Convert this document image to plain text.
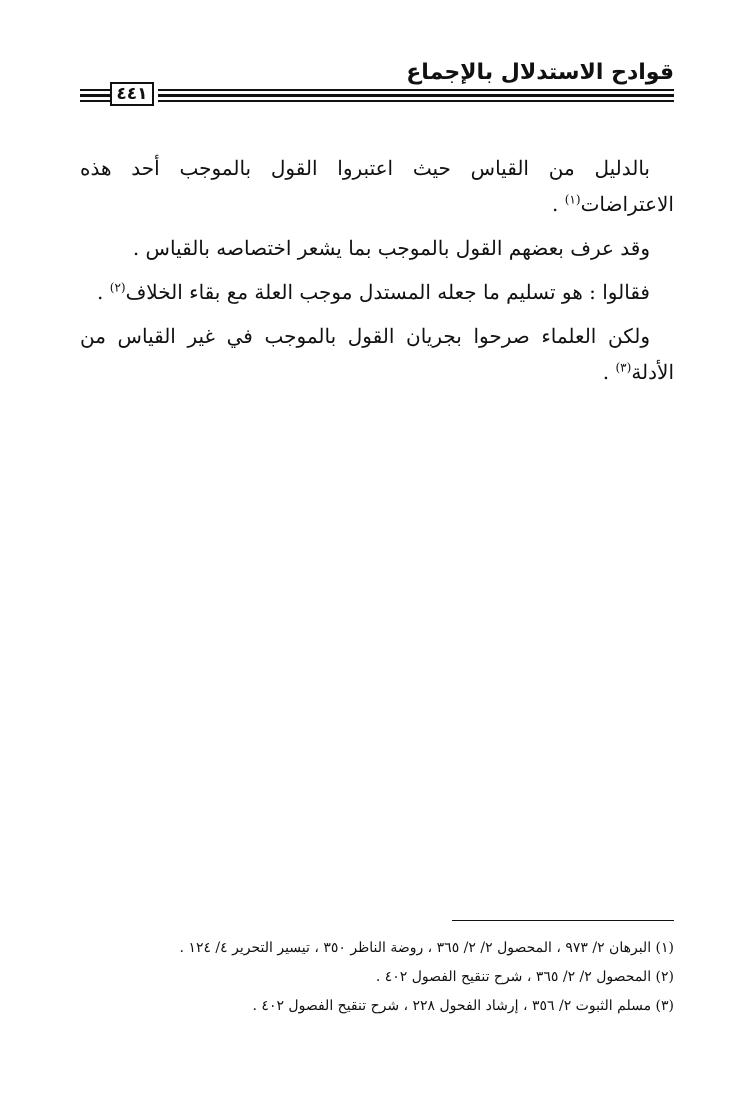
قوادح الاستدلال بالإجماع
٤٤١

بالدليل من القياس حيث اعتبروا القول بالموجب أحد هذه الاعتراضات$^{(١)}$ .

وقد عرف بعضهم القول بالموجب بما يشعر اختصاصه بالقياس .

فقالوا : هو تسليم ما جعله المستدل موجب العلة مع بقاء الخلاف$^{(٢)}$ .

ولكن العلماء صرحوا بجريان القول بالموجب في غير القياس من الأدلة$^{(٣)}$ .

(١) البرهان ٢/ ٩٧٣ ، المحصول ٢/ ٢/ ٣٦٥ ، روضة الناظر ٣٥٠ ، تيسير التحرير ٤/ ١٢٤ .

(٢) المحصول ٢/ ٢/ ٣٦٥ ، شرح تنقيح الفصول ٤٠٢ .

(٣) مسلم الثبوت ٢/ ٣٥٦ ، إرشاد الفحول ٢٢٨ ، شرح تنقيح الفصول ٤٠٢ .
